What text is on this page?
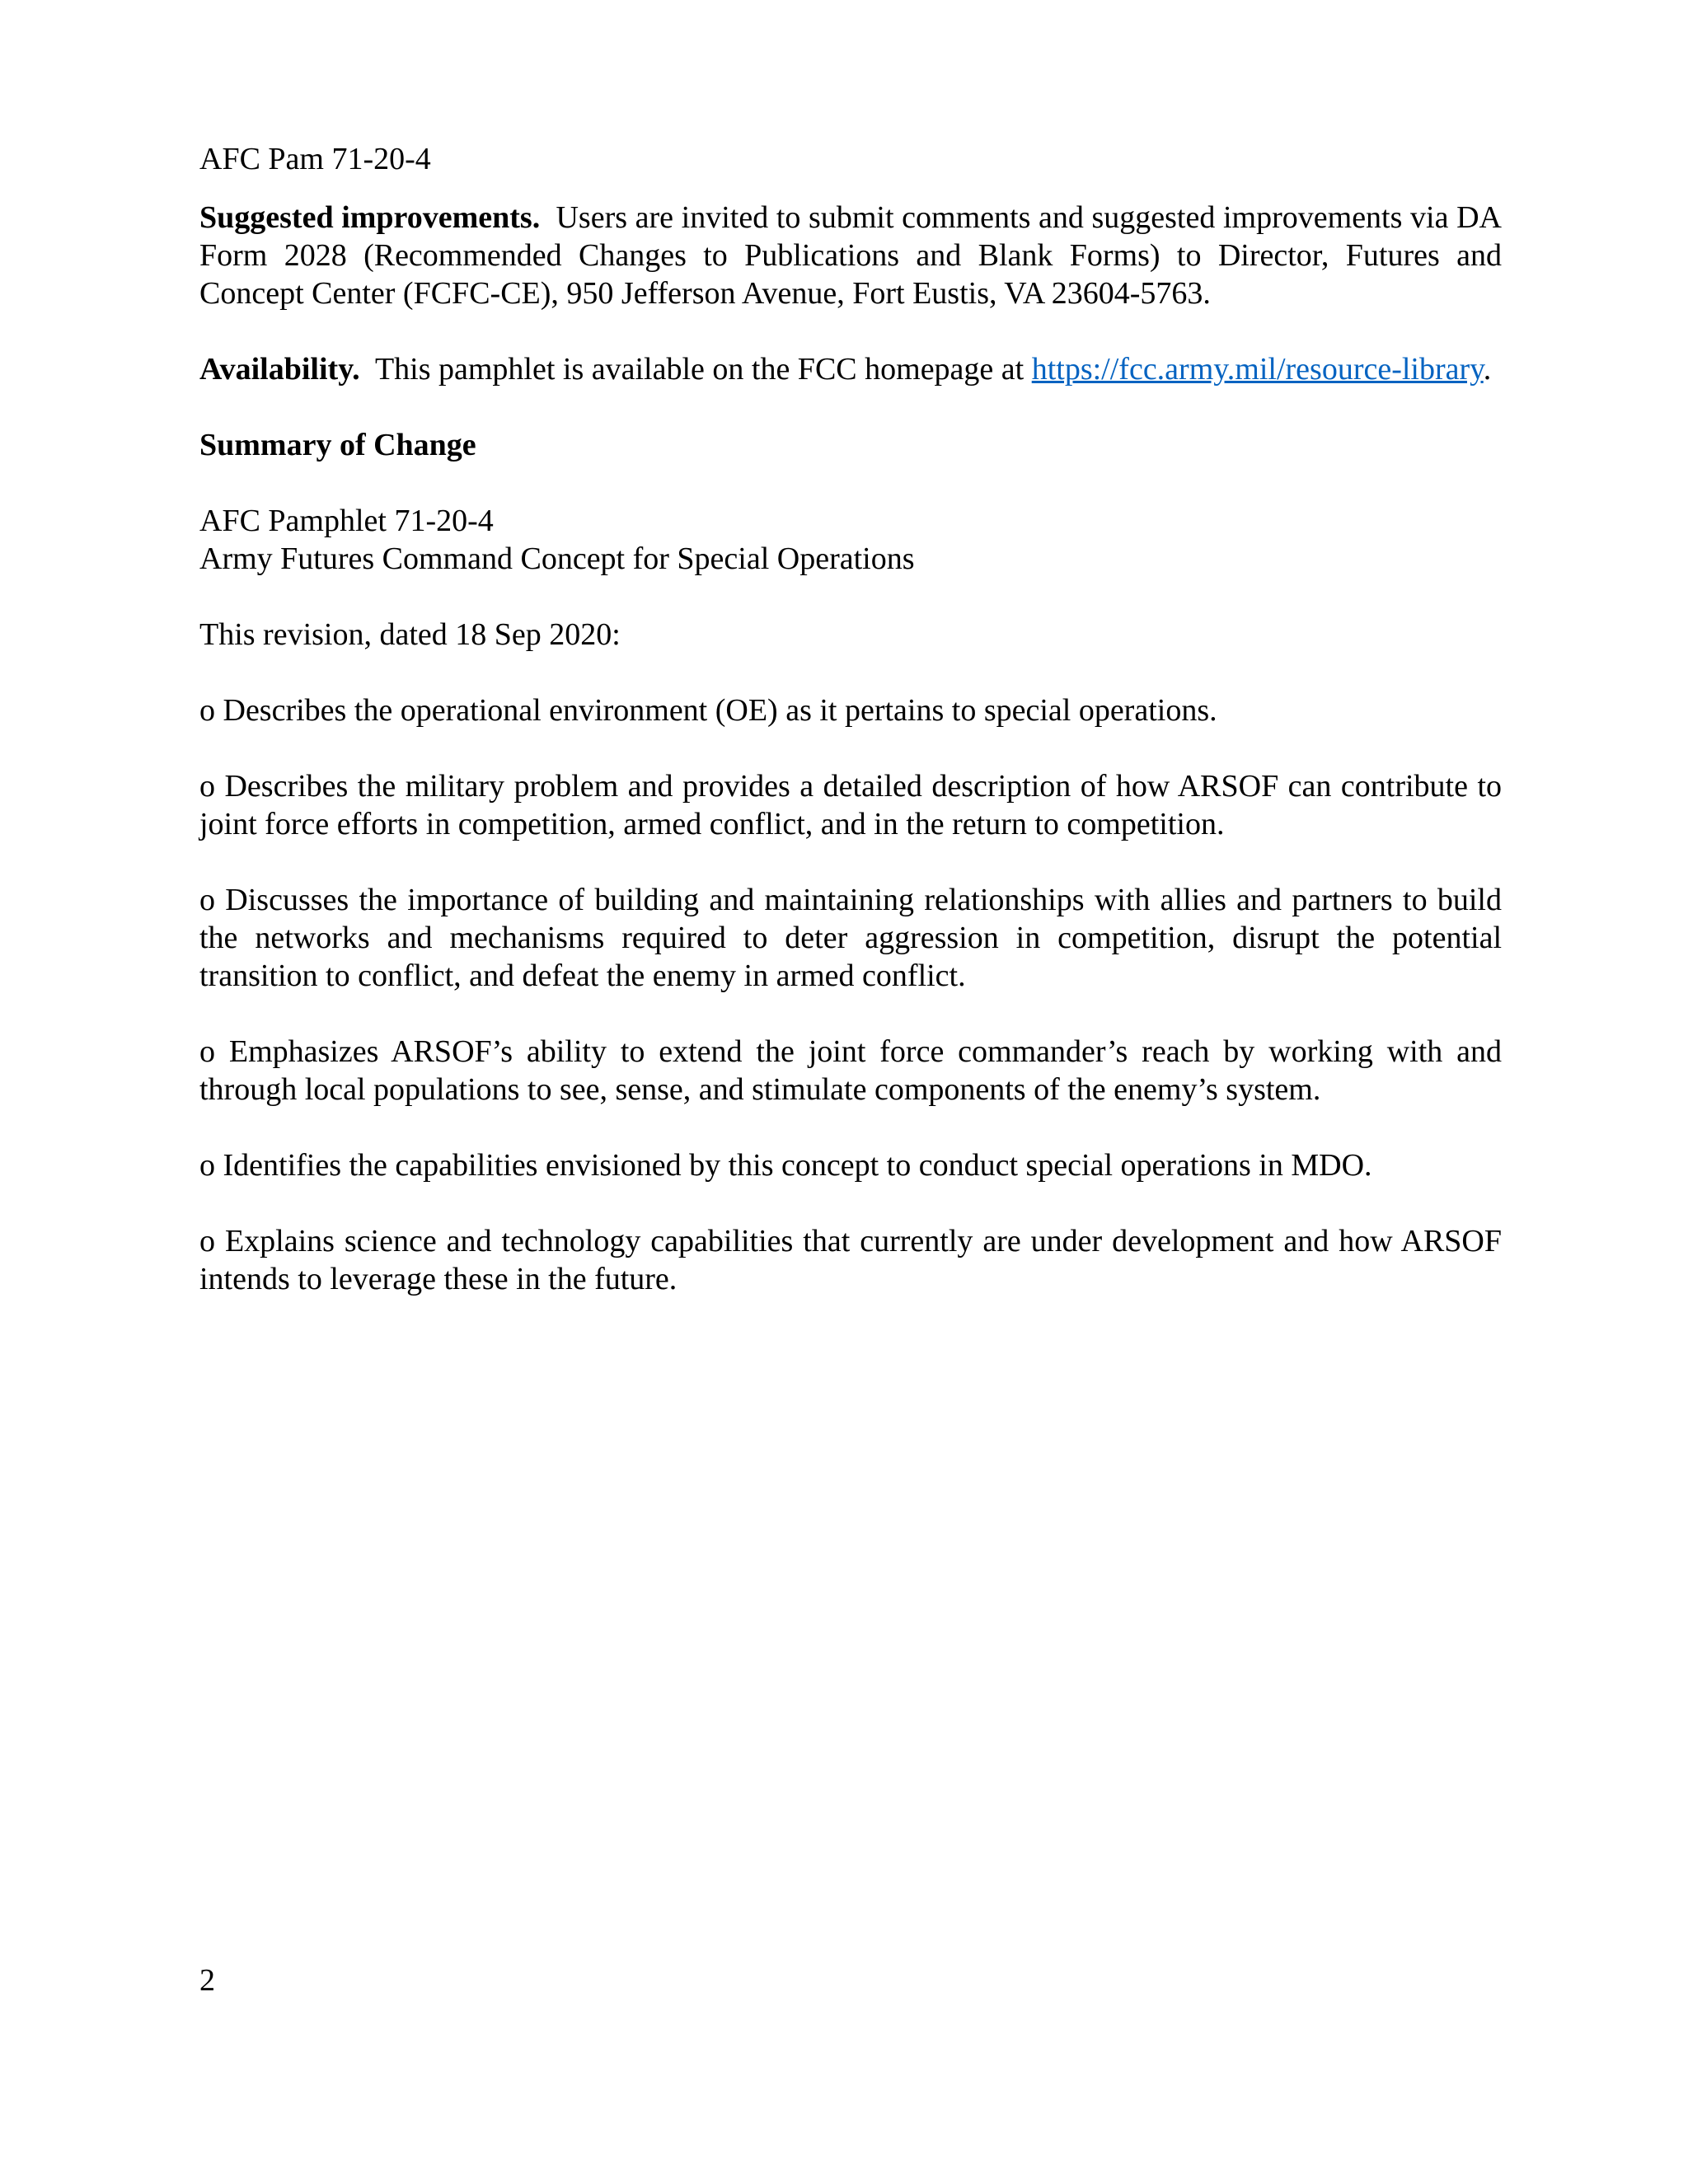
AFC Pam 71-20-4

Suggested improvements. Users are invited to submit comments and suggested improvements via DA Form 2028 (Recommended Changes to Publications and Blank Forms) to Director, Futures and Concept Center (FCFC-CE), 950 Jefferson Avenue, Fort Eustis, VA 23604-5763.

Availability. This pamphlet is available on the FCC homepage at https://fcc.army.mil/resource-library.

Summary of Change
AFC Pamphlet 71-20-4
Army Futures Command Concept for Special Operations
This revision, dated 18 Sep 2020:

o Describes the operational environment (OE) as it pertains to special operations.

o Describes the military problem and provides a detailed description of how ARSOF can contribute to joint force efforts in competition, armed conflict, and in the return to competition.

o Discusses the importance of building and maintaining relationships with allies and partners to build the networks and mechanisms required to deter aggression in competition, disrupt the potential transition to conflict, and defeat the enemy in armed conflict.

o Emphasizes ARSOF’s ability to extend the joint force commander’s reach by working with and through local populations to see, sense, and stimulate components of the enemy’s system.

o Identifies the capabilities envisioned by this concept to conduct special operations in MDO.

o Explains science and technology capabilities that currently are under development and how ARSOF intends to leverage these in the future.

2
